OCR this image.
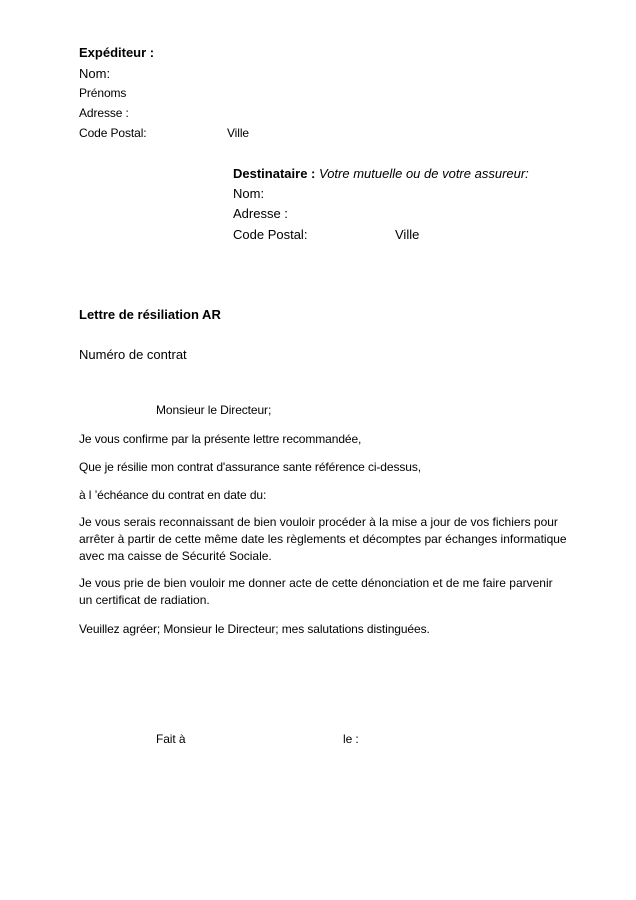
Expéditeur :
Nom:
Prénoms
Adresse :
Code Postal:	Ville
Destinataire : Votre mutuelle ou de votre assureur:
Nom:
Adresse :
Code Postal:	Ville
Lettre de résiliation AR
Numéro de contrat
Monsieur le Directeur;
Je vous confirme par la présente lettre recommandée,
Que je résilie mon contrat d'assurance sante référence ci-dessus,
à l ’échéance du contrat en date du:
Je vous serais reconnaissant de bien vouloir procéder à la mise a jour de vos fichiers pour arrêter à partir de cette même date les règlements et décomptes par échanges informatique avec ma caisse de Sécurité Sociale.
Je vous prie de bien vouloir me donner acte de cette dénonciation et de me faire parvenir un certificat de radiation.
Veuillez agréer; Monsieur le Directeur; mes salutations distinguées.
Fait à	le :
